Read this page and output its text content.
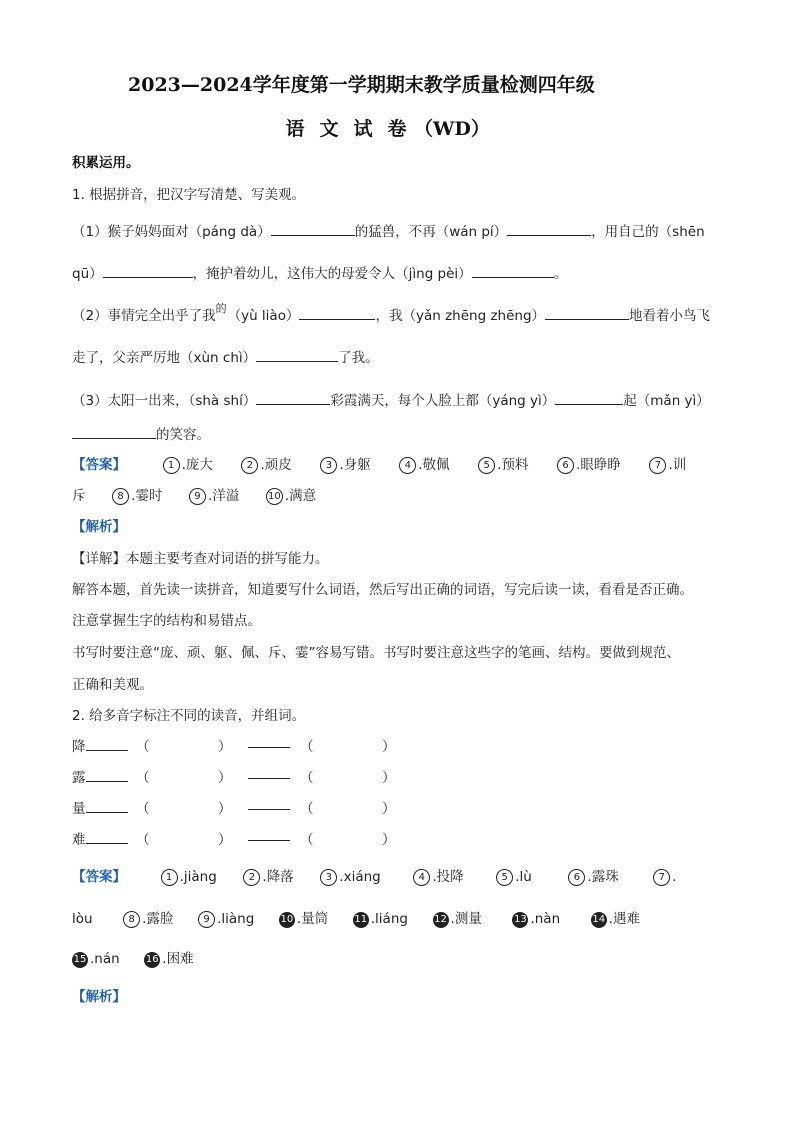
2023—2024学年度第一学期期末教学质量检测四年级
语 文 试 卷 （WD）
积累运用。
1. 根据拼音，把汉字写清楚、写美观。
（1）猴子妈妈面对（páng dà）	的猛兽，不再（wán pí）	，用自己的（shēn
qū）	，掩护着幼儿，这伟大的母爱令人（jìng pèi）	。
（2）事情完全出乎了我 的 （yù liào）	，我（yǎn zhēng zhēng）	地看着小鸟飞
走了，父亲严厉地（xùn chì）	了我。
（3）太阳一出来，（shà shí）	彩霞满天，每个人脸上都（yáng yì）	起（mǎn yì）
的笑容。
【答案】	1 .庞大	2 .顽皮	3 .身躯	4 .敬佩	5 .预料	6 .眼睁睁	7 .训
斥	8 .霎时	9 .洋溢	10 .满意
【解析】
【详解】本题主要考查对词语的拼写能力。
解答本题，首先读一读拼音，知道要写什么词语，然后写出正确的词语，写完后读一读，看看是否正确。
注意掌握生字的结构和易错点。
书写时要注意“庞、顽、躯、佩、斥、霎”容易写错。书写时要注意这些字的笔画、结构。要做到规范、
正确和美观。
2. 给多音字标注不同的读音，并组词。
降	（	）	（	）
露	（	）	（	）
量	（	）	（	）
难	（	）	（	）
【答案】	1 .jiàng	2 .降落	3 .xiáng	4 .投降	5 .lù	6 .露珠	7 .
lòu	8 .露脸	9 .liàng	10 .量筒	11 .liáng	12 .测量	13 .nàn	14 .遇难
15 .nán	16 .困难
【解析】
